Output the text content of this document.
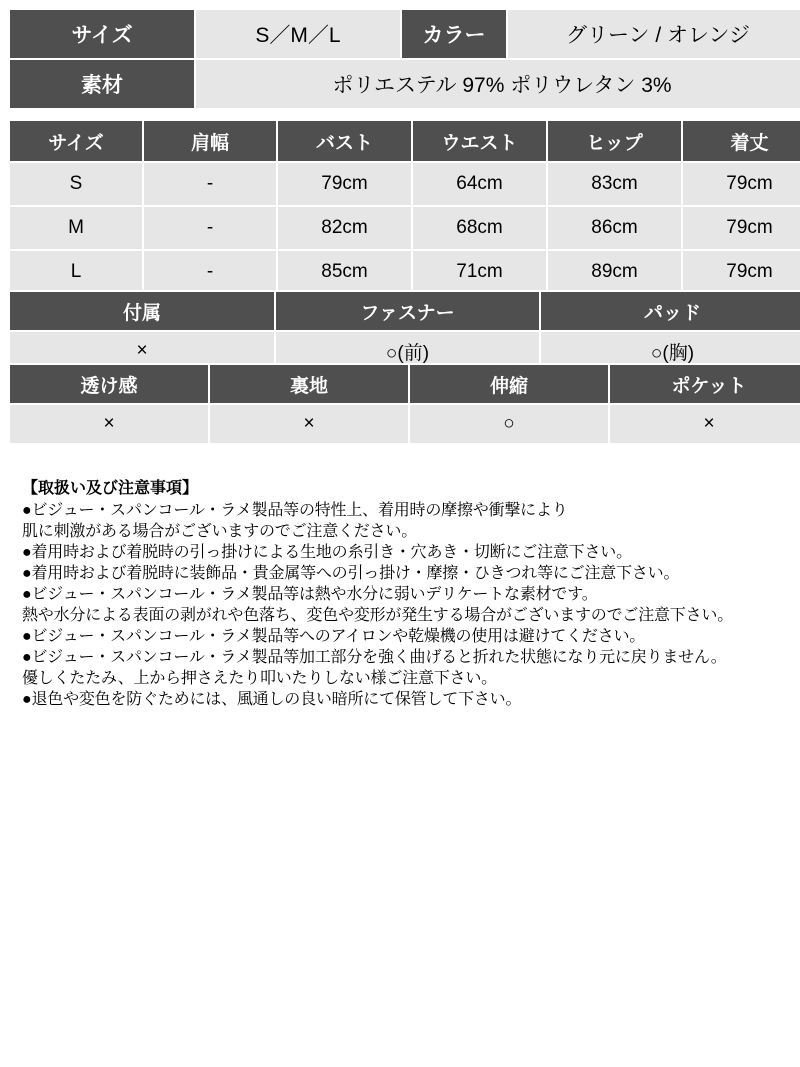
サイズ	S／M／L	カラー	グリーン / オレンジ
素材	ポリエステル 97% ポリウレタン 3%		
サイズ	肩幅	バスト	ウエスト	ヒップ	着丈
S	-	79cm	64cm	83cm	79cm
M	-	82cm	68cm	86cm	79cm
L	-	85cm	71cm	89cm	79cm
付属	ファスナー	パッド
×	○(前)	○(胸)
透け感	裏地	伸縮	ポケット
×	×	○	×

【取扱い及び注意事項】

●ビジュー・スパンコール・ラメ製品等の特性上、着用時の摩擦や衝撃により

肌に刺激がある場合がございますのでご注意ください。

●着用時および着脱時の引っ掛けによる生地の糸引き・穴あき・切断にご注意下さい。

●着用時および着脱時に装飾品・貴金属等への引っ掛け・摩擦・ひきつれ等にご注意下さい。

●ビジュー・スパンコール・ラメ製品等は熱や水分に弱いデリケートな素材です。

熱や水分による表面の剥がれや色落ち、変色や変形が発生する場合がございますのでご注意下さい。

●ビジュー・スパンコール・ラメ製品等へのアイロンや乾燥機の使用は避けてください。

●ビジュー・スパンコール・ラメ製品等加工部分を強く曲げると折れた状態になり元に戻りません。

優しくたたみ、上から押さえたり叩いたりしない様ご注意下さい。

●退色や変色を防ぐためには、風通しの良い暗所にて保管して下さい。
